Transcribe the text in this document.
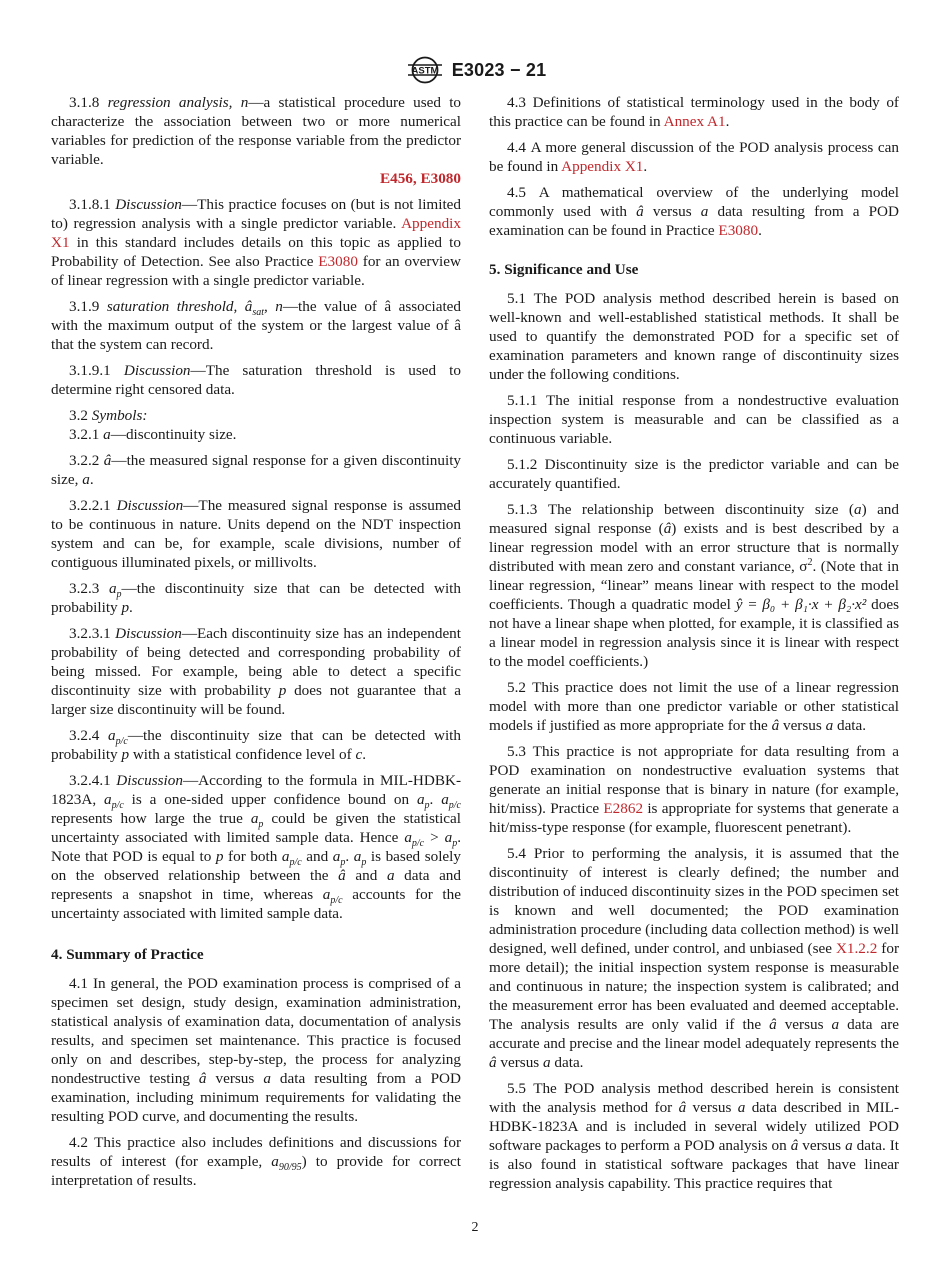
ASTM E3023 − 21

3.1.8 regression analysis, n—a statistical procedure used to characterize the association between two or more numerical variables for prediction of the response variable from the predictor variable.
E456, E3080

3.1.8.1 Discussion—This practice focuses on (but is not limited to) regression analysis with a single predictor variable. Appendix X1 in this standard includes details on this topic as applied to Probability of Detection. See also Practice E3080 for an overview of linear regression with a single predictor variable.

3.1.9 saturation threshold, $â_{sat}$, n—the value of â associated with the maximum output of the system or the largest value of â that the system can record.

3.1.9.1 Discussion—The saturation threshold is used to determine right censored data.

3.2 Symbols:

3.2.1 a—discontinuity size.

3.2.2 â—the measured signal response for a given discontinuity size, a.

3.2.2.1 Discussion—The measured signal response is assumed to be continuous in nature. Units depend on the NDT inspection system and can be, for example, scale divisions, number of contiguous illuminated pixels, or millivolts.

3.2.3 $a_p—the$ discontinuity size that can be detected with probability p.

3.2.3.1 Discussion—Each discontinuity size has an independent probability of being detected and corresponding probability of being missed. For example, being able to detect a specific discontinuity size with probability p does not guarantee that a larger size discontinuity will be found.

3.2.4 $a_{p/c}—the$ discontinuity size that can be detected with probability p with a statistical confidence level of c.

3.2.4.1 Discussion—According to the formula in MIL-HDBK-1823A, $a_{p/c}$ is a one-sided upper confidence bound on $a_p$. $a_{p/c}$ represents how large the true $a_p$ could be given the statistical uncertainty associated with limited sample data. Hence $a_{p/c} > a_p$. Note that POD is equal to p for both $a_{p/c}$ and $a_p$. $a_p$ is based solely on the observed relationship between the â and a data and represents a snapshot in time, whereas $a_{p/c}$ accounts for the uncertainty associated with limited sample data.

4. Summary of Practice

4.1 In general, the POD examination process is comprised of a specimen set design, study design, examination administration, statistical analysis of examination data, documentation of analysis results, and specimen set maintenance. This practice is focused only on and describes, step-by-step, the process for analyzing nondestructive testing â versus a data resulting from a POD examination, including minimum requirements for validating the resulting POD curve, and documenting the results.

4.2 This practice also includes definitions and discussions for results of interest (for example, $a_{90/95}$) to provide for correct interpretation of results.

4.3 Definitions of statistical terminology used in the body of this practice can be found in Annex A1.

4.4 A more general discussion of the POD analysis process can be found in Appendix X1.

4.5 A mathematical overview of the underlying model commonly used with â versus a data resulting from a POD examination can be found in Practice E3080.

5. Significance and Use

5.1 The POD analysis method described herein is based on well-known and well-established statistical methods. It shall be used to quantify the demonstrated POD for a specific set of examination parameters and known range of discontinuity sizes under the following conditions.

5.1.1 The initial response from a nondestructive evaluation inspection system is measurable and can be classified as a continuous variable.

5.1.2 Discontinuity size is the predictor variable and can be accurately quantified.

5.1.3 The relationship between discontinuity size (a) and measured signal response (â) exists and is best described by a linear regression model with an error structure that is normally distributed with mean zero and constant variance, $\sigma^2$. (Note that in linear regression, “linear” means linear with respect to the model coefficients. Though a quadratic model ŷ = β₀ + β₁·x + β₂·x² does not have a linear shape when plotted, for example, it is classified as a linear model in regression analysis since it is linear with respect to the model coefficients.)

5.2 This practice does not limit the use of a linear regression model with more than one predictor variable or other statistical models if justified as more appropriate for the â versus a data.

5.3 This practice is not appropriate for data resulting from a POD examination on nondestructive evaluation systems that generate an initial response that is binary in nature (for example, hit/miss). Practice E2862 is appropriate for systems that generate a hit/miss-type response (for example, fluorescent penetrant).

5.4 Prior to performing the analysis, it is assumed that the discontinuity of interest is clearly defined; the number and distribution of induced discontinuity sizes in the POD specimen set is known and well documented; the POD examination administration procedure (including data collection method) is well designed, well defined, under control, and unbiased (see X1.2.2 for more detail); the initial inspection system response is measurable and continuous in nature; the inspection system is calibrated; and the measurement error has been evaluated and deemed acceptable. The analysis results are only valid if the â versus a data are accurate and precise and the linear model adequately represents the â versus a data.

5.5 The POD analysis method described herein is consistent with the analysis method for â versus a data described in MIL-HDBK-1823A and is included in several widely utilized POD software packages to perform a POD analysis on â versus a data. It is also found in statistical software packages that have linear regression analysis capability. This practice requires that

2
